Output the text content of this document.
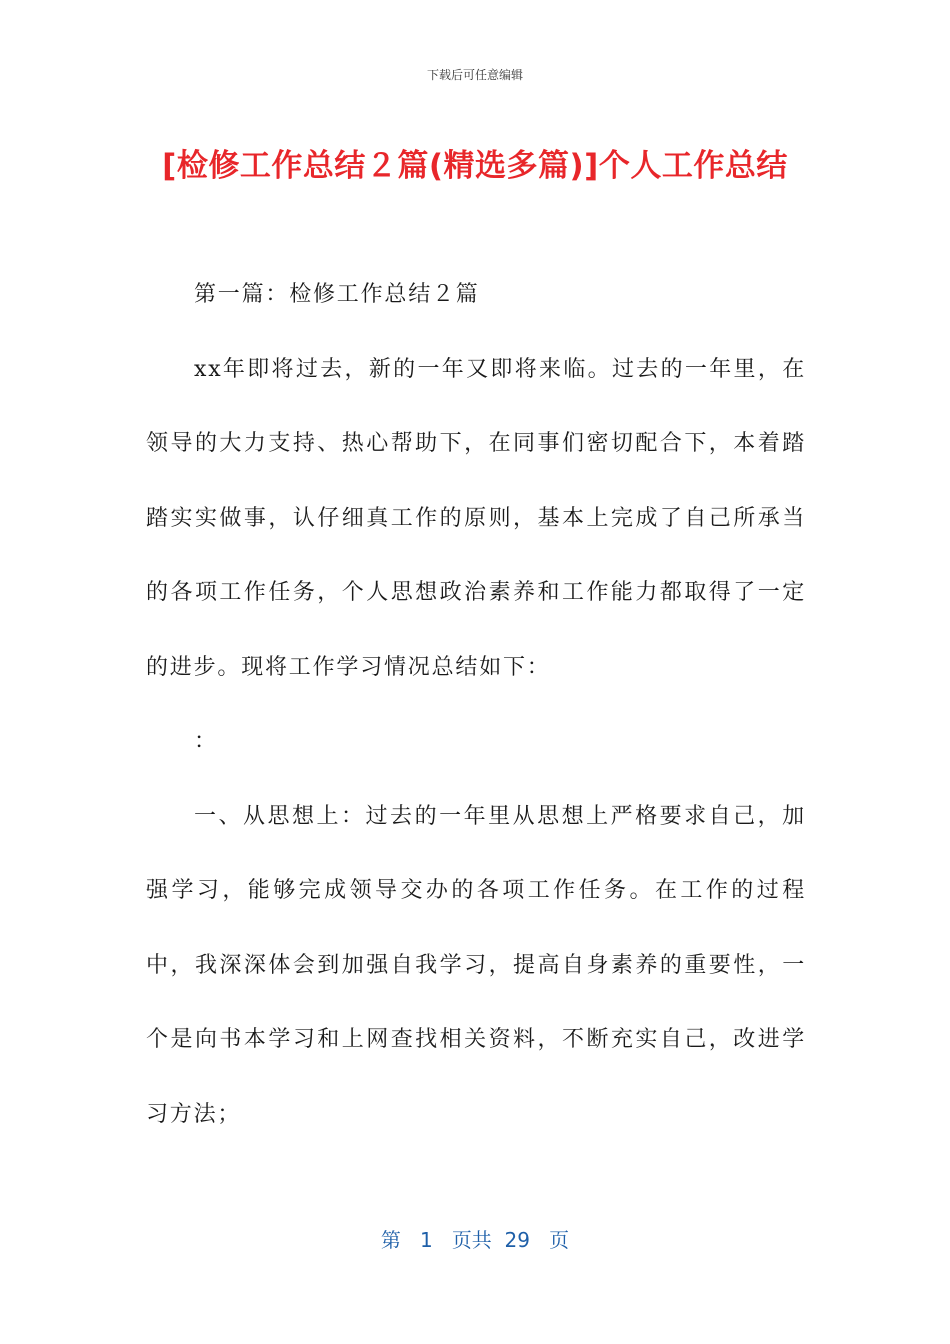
下载后可任意编辑
[检修工作总结２篇(精选多篇)]个人工作总结

第一篇：检修工作总结２篇

xx年即将过去，新的一年又即将来临。过去的一年里，在领导的大力支持、热心帮助下，在同事们密切配合下，本着踏踏实实做事，认仔细真工作的原则，基本上完成了自己所承当的各项工作任务，个人思想政治素养和工作能力都取得了一定的进步。现将工作学习情况总结如下：

：

一、从思想上：过去的一年里从思想上严格要求自己，加强学习，能够完成领导交办的各项工作任务。在工作的过程中，我深深体会到加强自我学习，提高自身素养的重要性，一个是向书本学习和上网查找相关资料，不断充实自己，改进学习方法；

第 1 页共 29 页
